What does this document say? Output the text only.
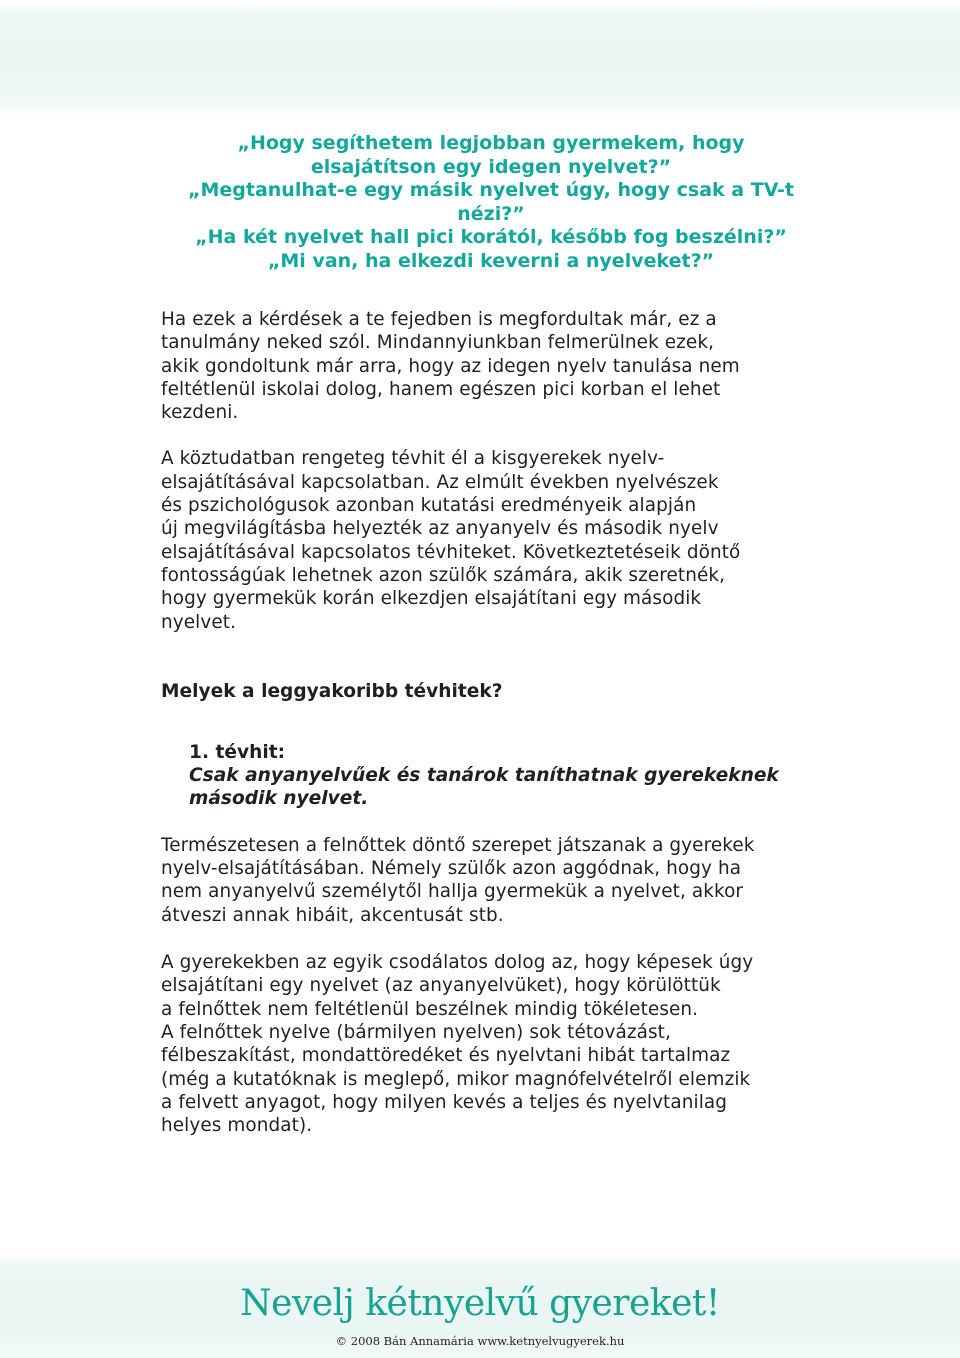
„Hogy segíthetem legjobban gyermekem, hogy
elsajátítson egy idegen nyelvet?”
„Megtanulhat-e egy másik nyelvet úgy, hogy csak a TV-t
nézi?”
„Ha két nyelvet hall pici korától, később fog beszélni?”
„Mi van, ha elkezdi keverni a nyelveket?”

Ha ezek a kérdések a te fejedben is megfordultak már, ez a
tanulmány neked szól. Mindannyiunkban felmerülnek ezek,
akik gondoltunk már arra, hogy az idegen nyelv tanulása nem
feltétlenül iskolai dolog, hanem egészen pici korban el lehet
kezdeni.

A köztudatban rengeteg tévhit él a kisgyerekek nyelv-
elsajátításával kapcsolatban. Az elmúlt években nyelvészek
és pszichológusok azonban kutatási eredményeik alapján
új megvilágításba helyezték az anyanyelv és második nyelv
elsajátításával kapcsolatos tévhiteket. Következtetéseik döntő
fontosságúak lehetnek azon szülők számára, akik szeretnék,
hogy gyermekük korán elkezdjen elsajátítani egy második
nyelvet.

Melyek a leggyakoribb tévhitek?

1. tévhit:

Csak anyanyelvűek és tanárok taníthatnak gyerekeknek
második nyelvet.

Természetesen a felnőttek döntő szerepet játszanak a gyerekek
nyelv-elsajátításában. Némely szülők azon aggódnak, hogy ha
nem anyanyelvű személytől hallja gyermekük a nyelvet, akkor
átveszi annak hibáit, akcentusát stb.

A gyerekekben az egyik csodálatos dolog az, hogy képesek úgy
elsajátítani egy nyelvet (az anyanyelvüket), hogy körülöttük
a felnőttek nem feltétlenül beszélnek mindig tökéletesen.
A felnőttek nyelve (bármilyen nyelven) sok tétovázást,
félbeszakítást, mondattöredéket és nyelvtani hibát tartalmaz
(még a kutatóknak is meglepő, mikor magnófelvételről elemzik
a felvett anyagot, hogy milyen kevés a teljes és nyelvtanilag
helyes mondat).

Nevelj kétnyelvű gyereket!
© 2008 Bán Annamária www.ketnyelvugyerek.hu
